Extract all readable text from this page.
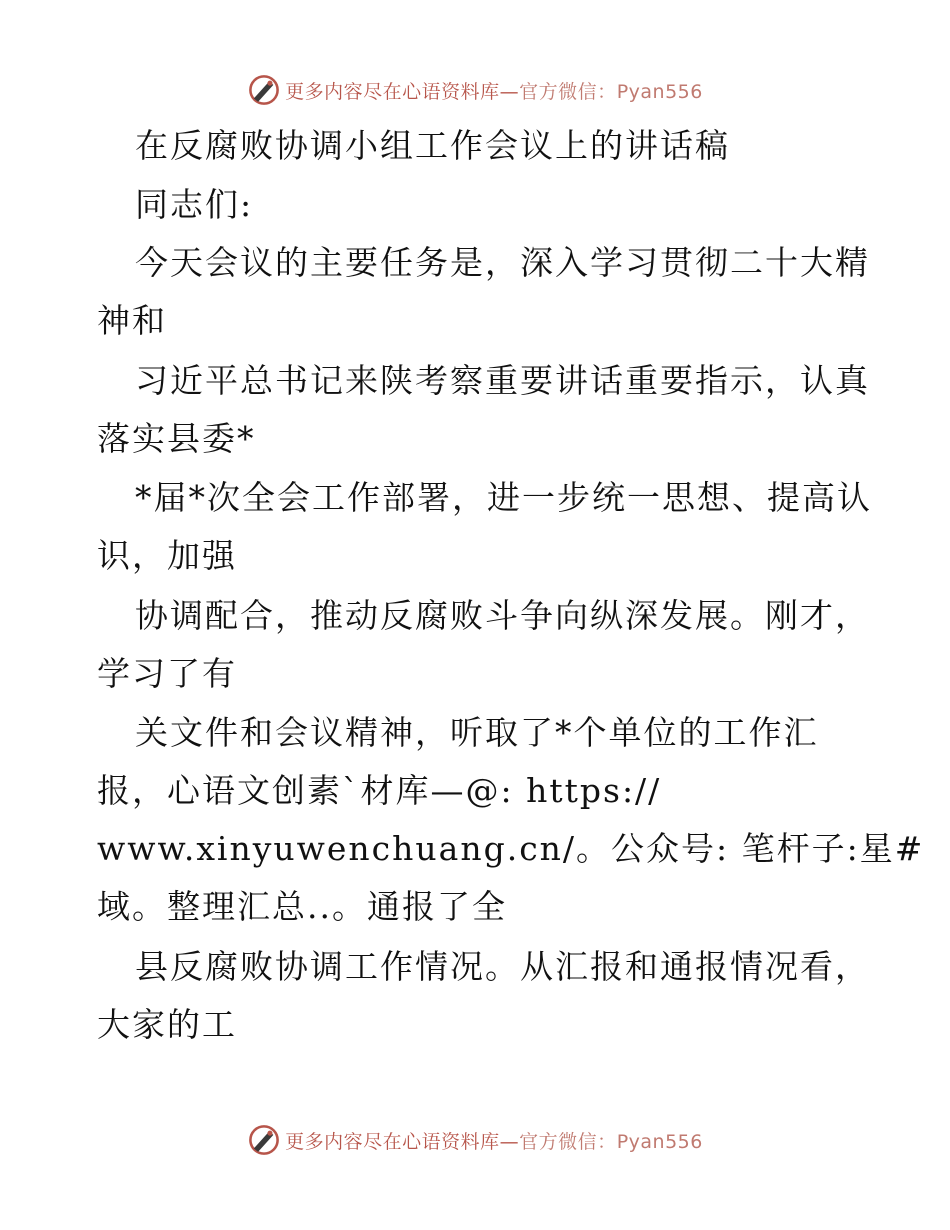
更多内容尽在心语资料库—官方微信：Pyan556
在反腐败协调小组工作会议上的讲话稿
同志们:
今天会议的主要任务是，深入学习贯彻二十大精
神和
习近平总书记来陕考察重要讲话重要指示，认真
落实县委*
*届*次全会工作部署，进一步统一思想、提高认
识，加强
协调配合，推动反腐败斗争向纵深发展。刚才，
学习了有
关文件和会议精神，听取了*个单位的工作汇
报，心语文创素`材库—@: https://
www.xinyuwenchuang.cn/。公众号: 笔杆子:星#
域。整理汇总..。通报了全
县反腐败协调工作情况。从汇报和通报情况看，
大家的工
更多内容尽在心语资料库—官方微信：Pyan556
